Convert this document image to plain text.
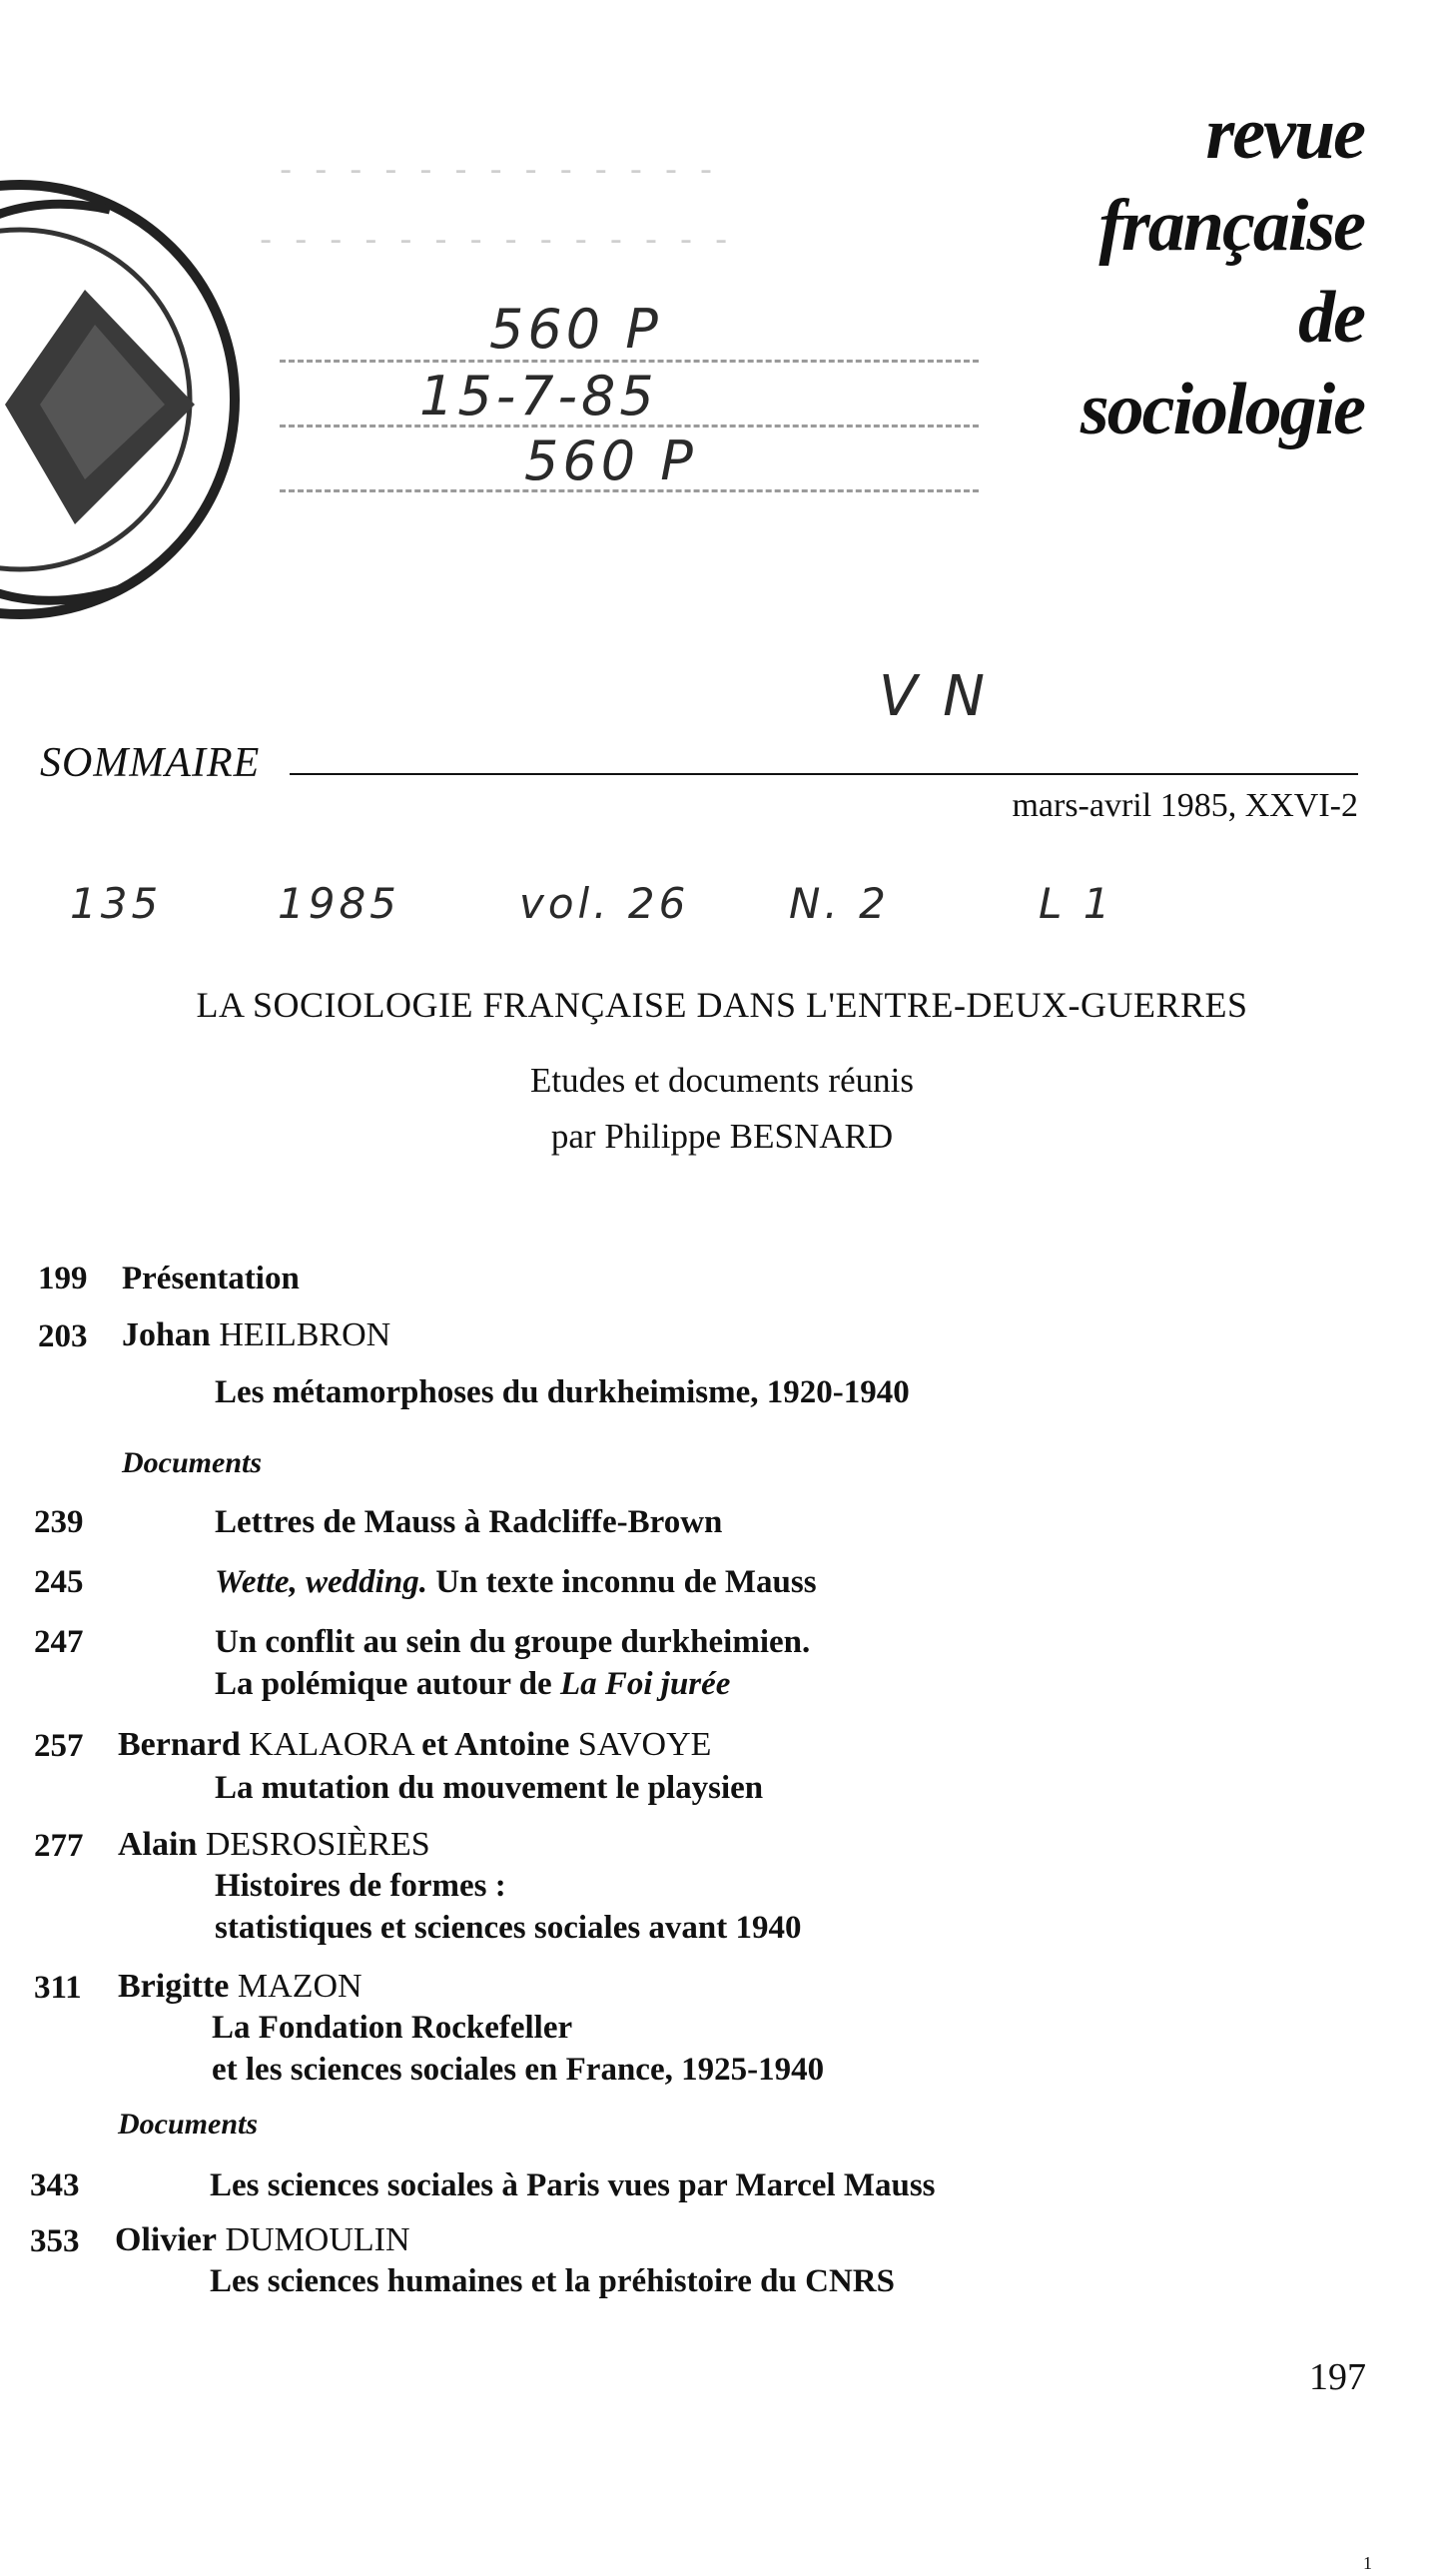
- - - - - - - - - - - - -
- - - - - - - - - - - - - -
560 P
15-7-85
560 P
V N
revue
française
de
sociologie
SOMMAIRE
mars-avril 1985, XXVI-2
135	1985	vol. 26 N. 2	L 1
LA SOCIOLOGIE FRANÇAISE DANS L'ENTRE-DEUX-GUERRES
Etudes et documents réunis
par Philippe BESNARD
199	Présentation
203	Johan HEILBRON
Les métamorphoses du durkheimisme, 1920-1940
Documents
239	Lettres de Mauss à Radcliffe-Brown
245	Wette, wedding. Un texte inconnu de Mauss
247	Un conflit au sein du groupe durkheimien.
La polémique autour de La Foi jurée
257	Bernard KALAORA et Antoine SAVOYE
La mutation du mouvement le playsien
277	Alain DESROSIÈRES
Histoires de formes :
statistiques et sciences sociales avant 1940
311	Brigitte MAZON
La Fondation Rockefeller
et les sciences sociales en France, 1925-1940
Documents
343	Les sciences sociales à Paris vues par Marcel Mauss
353	Olivier DUMOULIN
Les sciences humaines et la préhistoire du CNRS
197
1
